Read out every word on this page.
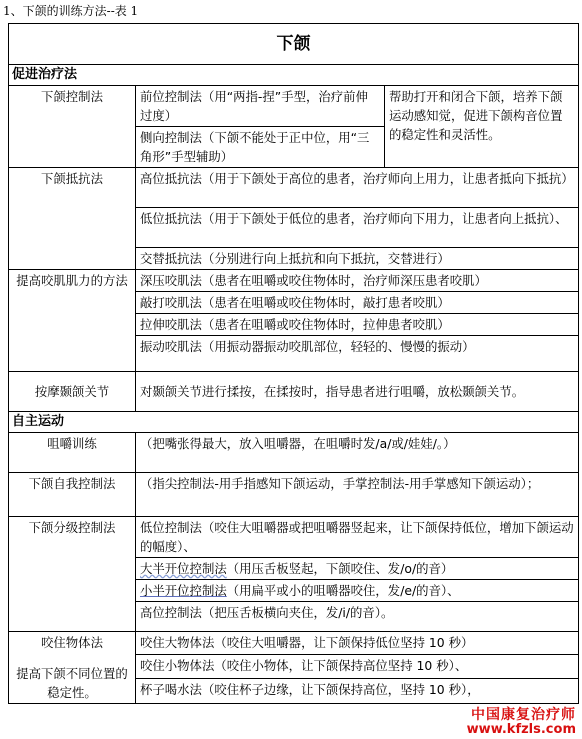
1、下颌的训练方法--表 1
下颌		
促进治疗法		
下颌控制法	前位控制法（用“两指-捏”手型，治疗前伸过度）	帮助打开和闭合下颌，培养下颌运动感知觉，促进下颌构音位置的稳定性和灵活性。
	侧向控制法（下颌不能处于正中位，用“三角形”手型辅助）	
下颌抵抗法	高位抵抗法（用于下颌处于高位的患者，治疗师向上用力，让患者抵向下抵抗）	
	低位抵抗法（用于下颌处于低位的患者，治疗师向下用力，让患者向上抵抗）、	
	交替抵抗法（分别进行向上抵抗和向下抵抗，交替进行）	
提高咬肌肌力的方法	深压咬肌法（患者在咀嚼或咬住物体时，治疗师深压患者咬肌）	
	敲打咬肌法（患者在咀嚼或咬住物体时，敲打患者咬肌）	
	拉伸咬肌法（患者在咀嚼或咬住物体时，拉伸患者咬肌）	
	振动咬肌法（用振动器振动咬肌部位，轻轻的、慢慢的振动）	
按摩颞颌关节	对颞颌关节进行揉按，在揉按时，指导患者进行咀嚼，放松颞颌关节。	
自主运动		
咀嚼训练	（把嘴张得最大，放入咀嚼器，在咀嚼时发/a/或/娃娃/。）	
下颌自我控制法	（指尖控制法-用手指感知下颌运动，手掌控制法-用手掌感知下颌运动）；	
下颌分级控制法	低位控制法（咬住大咀嚼器或把咀嚼器竖起来，让下颌保持低位，增加下颌运动的幅度）、	
	大半开位控制法（用压舌板竖起，下颌咬住、发/o/的音）	
	小半开位控制法（用扁平或小的咀嚼器咬住，发/e/的音）、	
	高位控制法（把压舌板横向夹住，发/i/的音）。	

咬住物体法
提高下颌不同位置的稳定性。	咬住大物体法（咬住大咀嚼器，让下颌保持低位坚持 10 秒）	
	咬住小物体法（咬住小物体，让下颌保持高位坚持 10 秒）、	
	杯子喝水法（咬住杯子边缘，让下颌保持高位，坚持 10 秒），	
中国康复治疗师
www.kfzls.com
